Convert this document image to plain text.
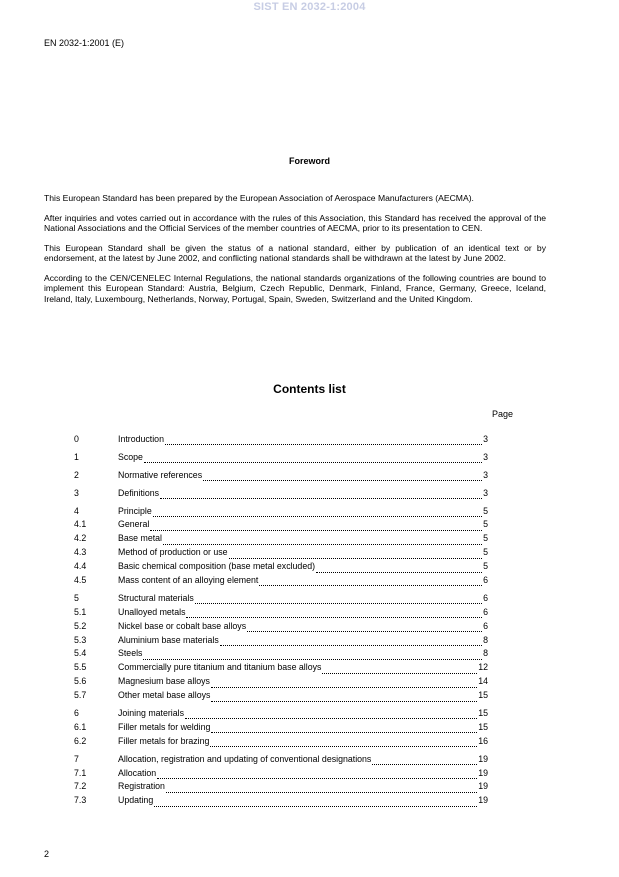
SIST EN 2032-1:2004
EN 2032-1:2001 (E)
Foreword

This European Standard has been prepared by the European Association of Aerospace Manufacturers (AECMA).

After inquiries and votes carried out in accordance with the rules of this Association, this Standard has received the approval of the National Associations and the Official Services of the member countries of AECMA, prior to its presentation to CEN.

This European Standard shall be given the status of a national standard, either by publication of an identical text or by endorsement, at the latest by June 2002, and conflicting national standards shall be withdrawn at the latest by June 2002.

According to the CEN/CENELEC Internal Regulations, the national standards organizations of the following countries are bound to implement this European Standard: Austria, Belgium, Czech Republic, Denmark, Finland, France, Germany, Greece, Iceland, Ireland, Italy, Luxembourg, Netherlands, Norway, Portugal, Spain, Sweden, Switzerland and the United Kingdom.

Contents list
Page
0	Introduction	3
1	Scope	3
2	Normative references	3
3	Definitions	3
4	Principle	5
4.1	General	5
4.2	Base metal	5
4.3	Method of production or use	5
4.4	Basic chemical composition (base metal excluded)	5
4.5	Mass content of an alloying element	6
5	Structural materials	6
5.1	Unalloyed metals	6
5.2	Nickel base or cobalt base alloys	6
5.3	Aluminium base materials	8
5.4	Steels	8
5.5	Commercially pure titanium and titanium base alloys	12
5.6	Magnesium base alloys	14
5.7	Other metal base alloys	15
6	Joining materials	15
6.1	Filler metals for welding	15
6.2	Filler metals for brazing	16
7	Allocation, registration and updating of conventional designations	19
7.1	Allocation	19
7.2	Registration	19
7.3	Updating	19
2
